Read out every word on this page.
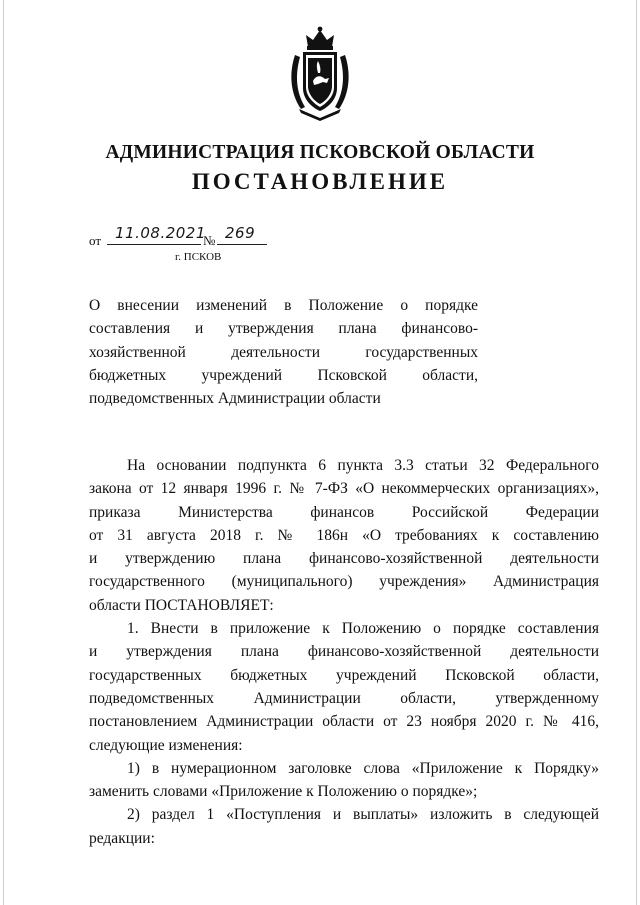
АДМИНИСТРАЦИЯ ПСКОВСКОЙ ОБЛАСТИ
ПОСТАНОВЛЕНИЕ
от 11.08.2021
№ 269
г. ПСКОВ
О внесении изменений в Положение о порядке
составления и утверждения плана финансово-
хозяйственной деятельности государственных
бюджетных учреждений Псковской области,
подведомственных Администрации области
На основании подпункта 6 пункта 3.3 статьи 32 Федерального
закона от 12 января 1996 г. № 7-ФЗ «О некоммерческих организациях»,
приказа Министерства финансов Российской Федерации
от 31 августа 2018 г. № 186н «О требованиях к составлению
и утверждению плана финансово-хозяйственной деятельности
государственного (муниципального) учреждения» Администрация
области ПОСТАНОВЛЯЕТ:
1. Внести в приложение к Положению о порядке составления
и утверждения плана финансово-хозяйственной деятельности
государственных бюджетных учреждений Псковской области,
подведомственных Администрации области, утвержденному
постановлением Администрации области от 23 ноября 2020 г. № 416,
следующие изменения:
1) в нумерационном заголовке слова «Приложение к Порядку»
заменить словами «Приложение к Положению о порядке»;
2) раздел 1 «Поступления и выплаты» изложить в следующей
редакции:
